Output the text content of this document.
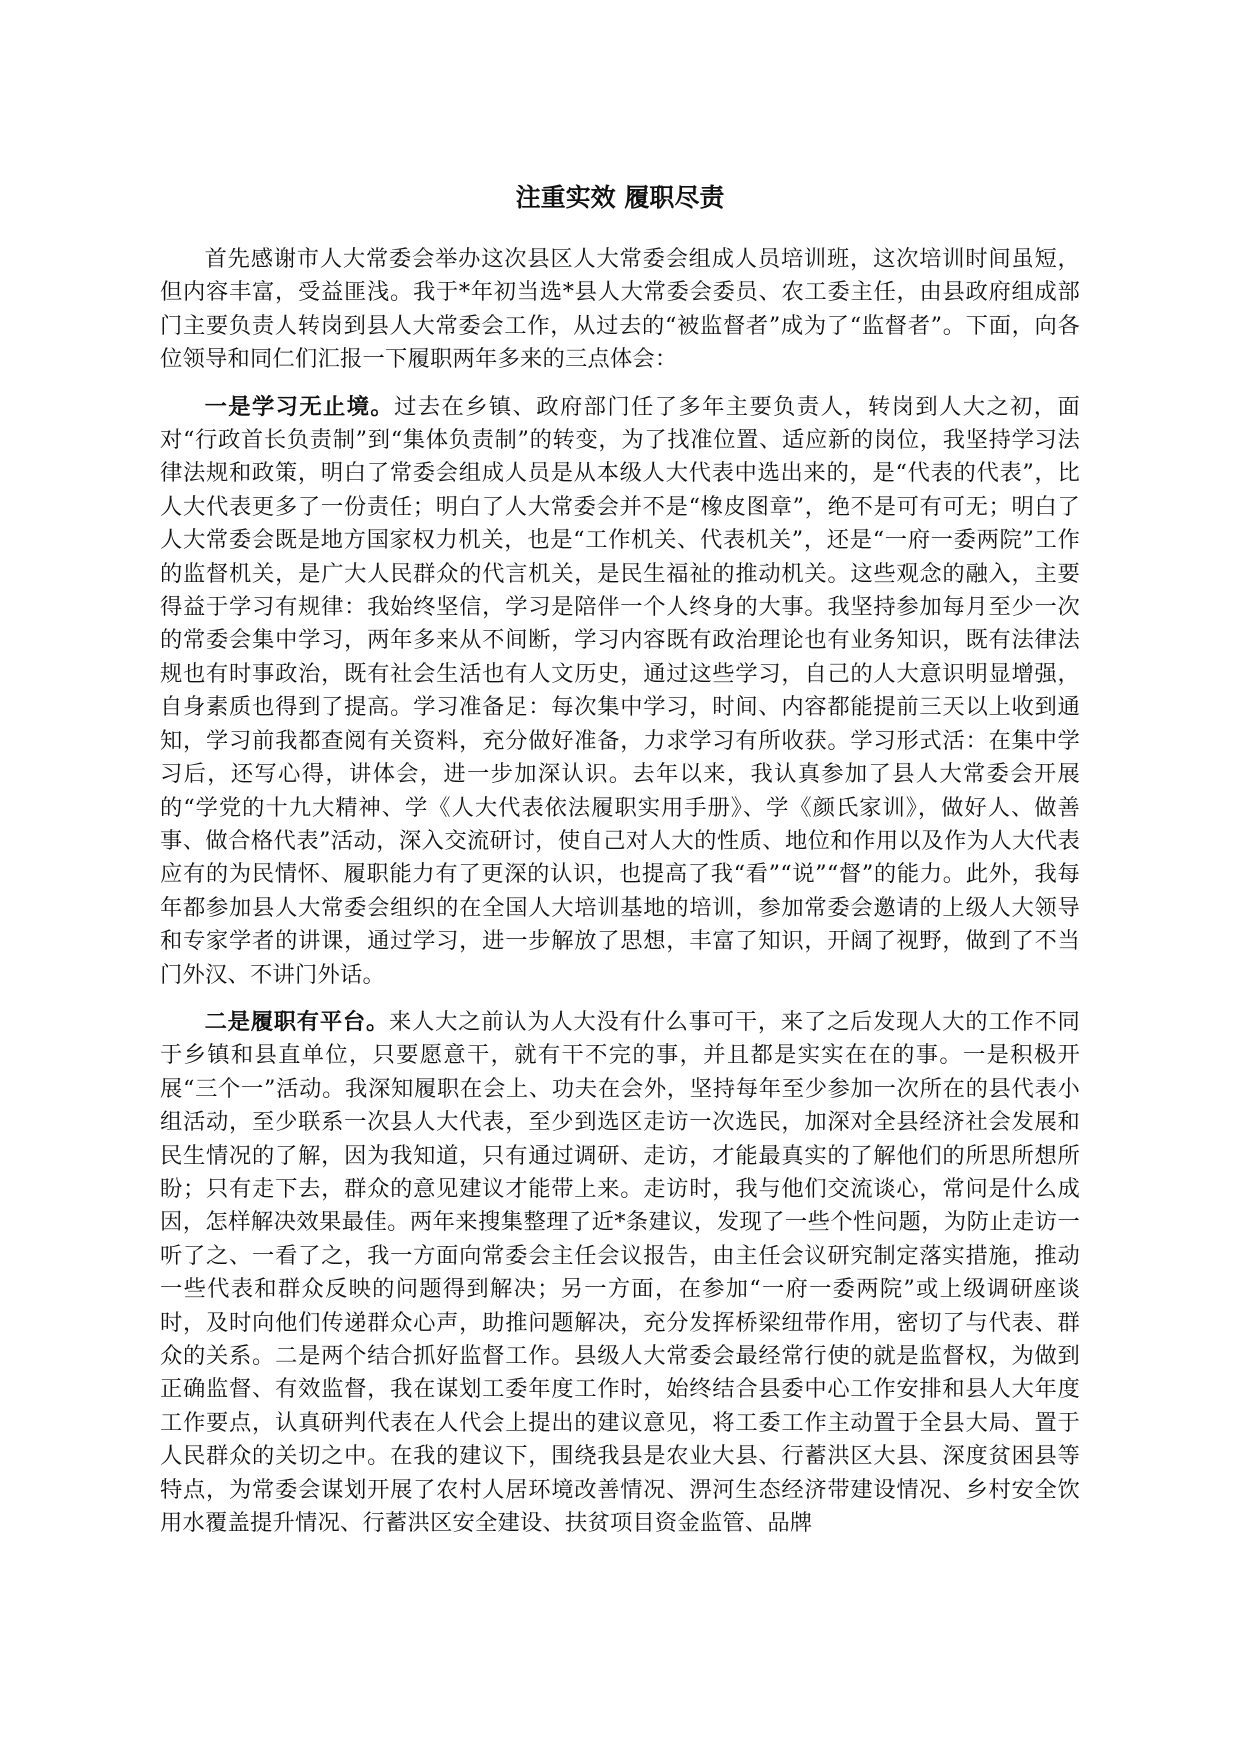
注重实效 履职尽责

首先感谢市人大常委会举办这次县区人大常委会组成人员培训班，这次培训时间虽短，但内容丰富，受益匪浅。我于*年初当选*县人大常委会委员、农工委主任，由县政府组成部门主要负责人转岗到县人大常委会工作，从过去的“被监督者”成为了“监督者”。下面，向各位领导和同仁们汇报一下履职两年多来的三点体会：

一是学习无止境。过去在乡镇、政府部门任了多年主要负责人，转岗到人大之初，面对“行政首长负责制”到“集体负责制”的转变，为了找准位置、适应新的岗位，我坚持学习法律法规和政策，明白了常委会组成人员是从本级人大代表中选出来的，是“代表的代表”，比人大代表更多了一份责任；明白了人大常委会并不是“橡皮图章”，绝不是可有可无；明白了人大常委会既是地方国家权力机关，也是“工作机关、代表机关”，还是“一府一委两院”工作的监督机关，是广大人民群众的代言机关，是民生福祉的推动机关。这些观念的融入，主要得益于学习有规律：我始终坚信，学习是陪伴一个人终身的大事。我坚持参加每月至少一次的常委会集中学习，两年多来从不间断，学习内容既有政治理论也有业务知识，既有法律法规也有时事政治，既有社会生活也有人文历史，通过这些学习，自己的人大意识明显增强，自身素质也得到了提高。学习准备足：每次集中学习，时间、内容都能提前三天以上收到通知，学习前我都查阅有关资料，充分做好准备，力求学习有所收获。学习形式活：在集中学习后，还写心得，讲体会，进一步加深认识。去年以来，我认真参加了县人大常委会开展的“学党的十九大精神、学《人大代表依法履职实用手册》、学《颜氏家训》，做好人、做善事、做合格代表”活动，深入交流研讨，使自己对人大的性质、地位和作用以及作为人大代表应有的为民情怀、履职能力有了更深的认识，也提高了我“看”“说”“督”的能力。此外，我每年都参加县人大常委会组织的在全国人大培训基地的培训，参加常委会邀请的上级人大领导和专家学者的讲课，通过学习，进一步解放了思想，丰富了知识，开阔了视野，做到了不当门外汉、不讲门外话。

二是履职有平台。来人大之前认为人大没有什么事可干，来了之后发现人大的工作不同于乡镇和县直单位，只要愿意干，就有干不完的事，并且都是实实在在的事。一是积极开展“三个一”活动。我深知履职在会上、功夫在会外，坚持每年至少参加一次所在的县代表小组活动，至少联系一次县人大代表，至少到选区走访一次选民，加深对全县经济社会发展和民生情况的了解，因为我知道，只有通过调研、走访，才能最真实的了解他们的所思所想所盼；只有走下去，群众的意见建议才能带上来。走访时，我与他们交流谈心，常问是什么成因，怎样解决效果最佳。两年来搜集整理了近*条建议，发现了一些个性问题，为防止走访一听了之、一看了之，我一方面向常委会主任会议报告，由主任会议研究制定落实措施，推动一些代表和群众反映的问题得到解决；另一方面，在参加“一府一委两院”或上级调研座谈时，及时向他们传递群众心声，助推问题解决，充分发挥桥梁纽带作用，密切了与代表、群众的关系。二是两个结合抓好监督工作。县级人大常委会最经常行使的就是监督权，为做到正确监督、有效监督，我在谋划工委年度工作时，始终结合县委中心工作安排和县人大年度工作要点，认真研判代表在人代会上提出的建议意见，将工委工作主动置于全县大局、置于人民群众的关切之中。在我的建议下，围绕我县是农业大县、行蓄洪区大县、深度贫困县等特点，为常委会谋划开展了农村人居环境改善情况、淠河生态经济带建设情况、乡村安全饮用水覆盖提升情况、行蓄洪区安全建设、扶贫项目资金监管、品牌
